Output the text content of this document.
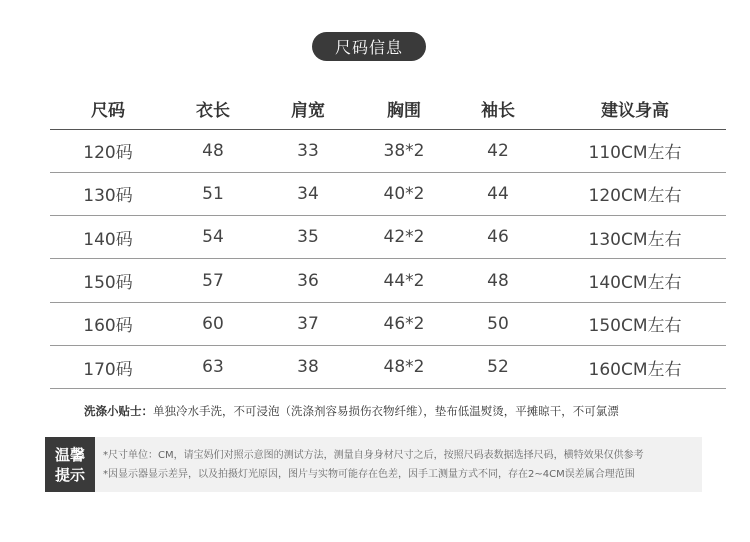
尺码信息
尺码	衣长	肩宽	胸围	袖长	建议身高
120码	48	33	38*2	42	110CM左右
130码	51	34	40*2	44	120CM左右
140码	54	35	42*2	46	130CM左右
150码	57	36	44*2	48	140CM左右
160码	60	37	46*2	50	150CM左右
170码	63	38	48*2	52	160CM左右
洗涤小贴士：单独冷水手洗，不可浸泡（洗涤剂容易损伤衣物纤维），垫布低温熨烫，平摊晾干，不可氯漂
温馨
提示
*尺寸单位：CM，请宝妈们对照示意图的测试方法，测量自身身材尺寸之后，按照尺码表数据选择尺码，横特效果仅供参考
*因显示器显示差异，以及拍摄灯光原因，图片与实物可能存在色差，因手工测量方式不同，存在2~4CM误差属合理范围
